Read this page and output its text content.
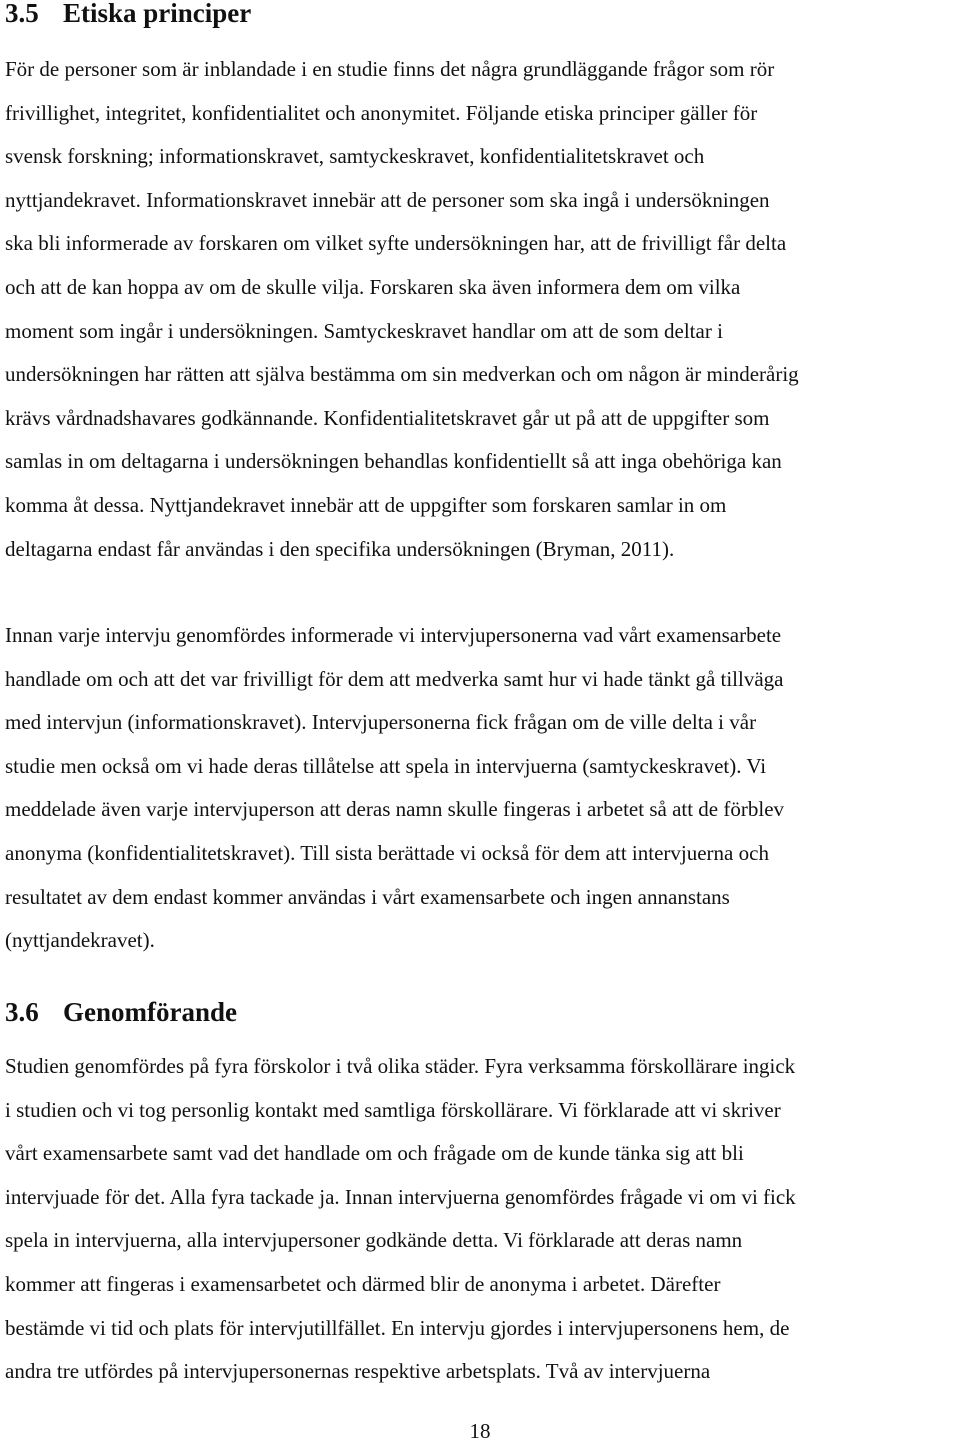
3.5 Etiska principer

För de personer som är inblandade i en studie finns det några grundläggande frågor som rör
frivillighet, integritet, konfidentialitet och anonymitet. Följande etiska principer gäller för
svensk forskning; informationskravet, samtyckeskravet, konfidentialitetskravet och
nyttjandekravet. Informationskravet innebär att de personer som ska ingå i undersökningen
ska bli informerade av forskaren om vilket syfte undersökningen har, att de frivilligt får delta
och att de kan hoppa av om de skulle vilja. Forskaren ska även informera dem om vilka
moment som ingår i undersökningen. Samtyckeskravet handlar om att de som deltar i
undersökningen har rätten att själva bestämma om sin medverkan och om någon är minderårig
krävs vårdnadshavares godkännande. Konfidentialitetskravet går ut på att de uppgifter som
samlas in om deltagarna i undersökningen behandlas konfidentiellt så att inga obehöriga kan
komma åt dessa. Nyttjandekravet innebär att de uppgifter som forskaren samlar in om
deltagarna endast får användas i den specifika undersökningen (Bryman, 2011).

Innan varje intervju genomfördes informerade vi intervjupersonerna vad vårt examensarbete
handlade om och att det var frivilligt för dem att medverka samt hur vi hade tänkt gå tillväga
med intervjun (informationskravet). Intervjupersonerna fick frågan om de ville delta i vår
studie men också om vi hade deras tillåtelse att spela in intervjuerna (samtyckeskravet). Vi
meddelade även varje intervjuperson att deras namn skulle fingeras i arbetet så att de förblev
anonyma (konfidentialitetskravet). Till sista berättade vi också för dem att intervjuerna och
resultatet av dem endast kommer användas i vårt examensarbete och ingen annanstans
(nyttjandekravet).

3.6 Genomförande

Studien genomfördes på fyra förskolor i två olika städer. Fyra verksamma förskollärare ingick
i studien och vi tog personlig kontakt med samtliga förskollärare. Vi förklarade att vi skriver
vårt examensarbete samt vad det handlade om och frågade om de kunde tänka sig att bli
intervjuade för det. Alla fyra tackade ja. Innan intervjuerna genomfördes frågade vi om vi fick
spela in intervjuerna, alla intervjupersoner godkände detta. Vi förklarade att deras namn
kommer att fingeras i examensarbetet och därmed blir de anonyma i arbetet. Därefter
bestämde vi tid och plats för intervjutillfället. En intervju gjordes i intervjupersonens hem, de
andra tre utfördes på intervjupersonernas respektive arbetsplats. Två av intervjuerna

18
